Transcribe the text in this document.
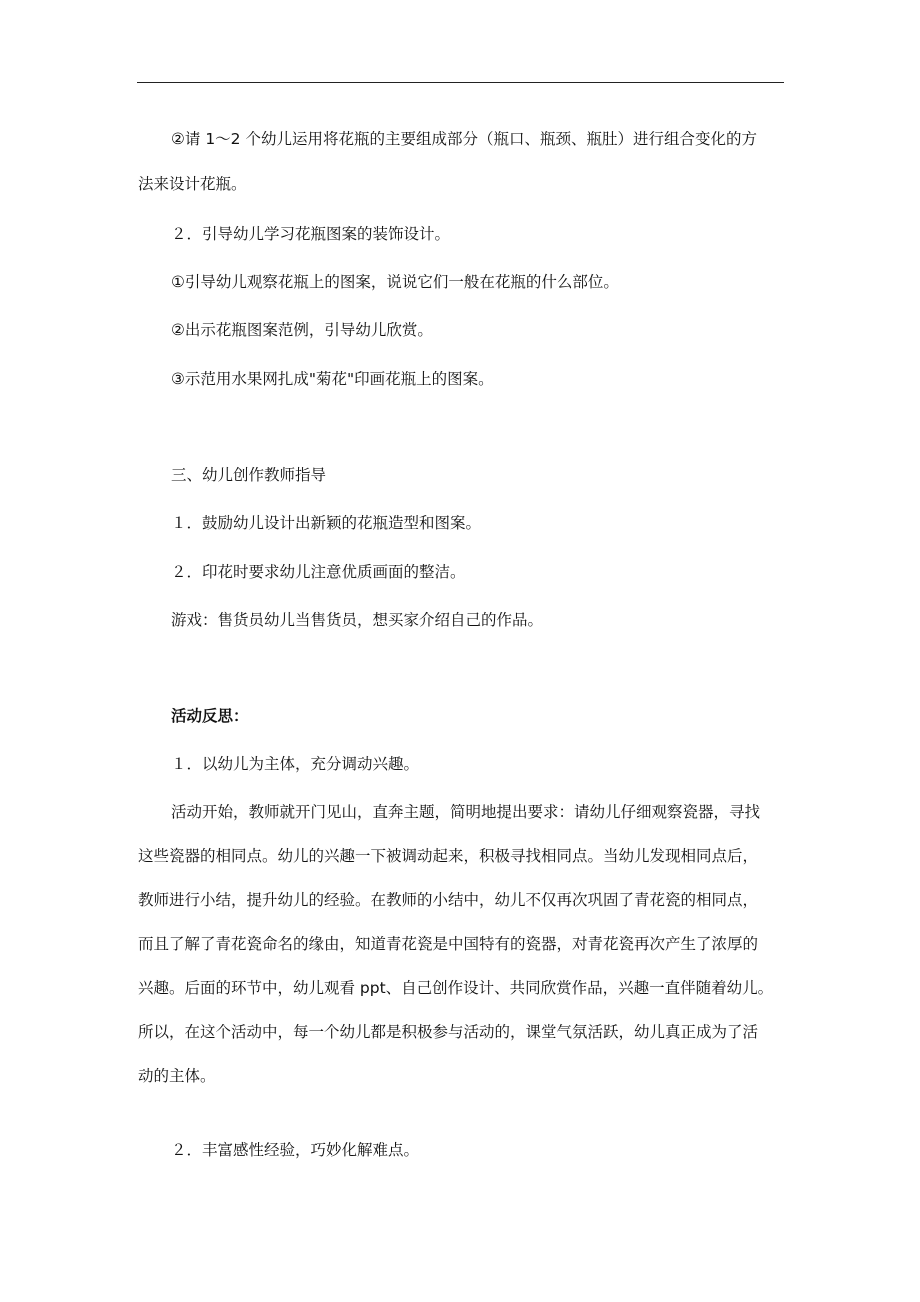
②请 1～2 个幼儿运用将花瓶的主要组成部分（瓶口、瓶颈、瓶肚）进行组合变化的方
法来设计花瓶。

２．引导幼儿学习花瓶图案的装饰设计。

①引导幼儿观察花瓶上的图案，说说它们一般在花瓶的什么部位。

②出示花瓶图案范例，引导幼儿欣赏。

③示范用水果网扎成"菊花"印画花瓶上的图案。

三、幼儿创作教师指导

１．鼓励幼儿设计出新颖的花瓶造型和图案。

２．印花时要求幼儿注意优质画面的整洁。

游戏：售货员幼儿当售货员，想买家介绍自己的作品。

活动反思：

１．以幼儿为主体，充分调动兴趣。

活动开始，教师就开门见山，直奔主题，简明地提出要求：请幼儿仔细观察瓷器，寻找
这些瓷器的相同点。幼儿的兴趣一下被调动起来，积极寻找相同点。当幼儿发现相同点后，
教师进行小结，提升幼儿的经验。在教师的小结中，幼儿不仅再次巩固了青花瓷的相同点，
而且了解了青花瓷命名的缘由，知道青花瓷是中国特有的瓷器，对青花瓷再次产生了浓厚的
兴趣。后面的环节中，幼儿观看 ppt、自己创作设计、共同欣赏作品，兴趣一直伴随着幼儿。
所以，在这个活动中，每一个幼儿都是积极参与活动的，课堂气氛活跃，幼儿真正成为了活
动的主体。

２．丰富感性经验，巧妙化解难点。
